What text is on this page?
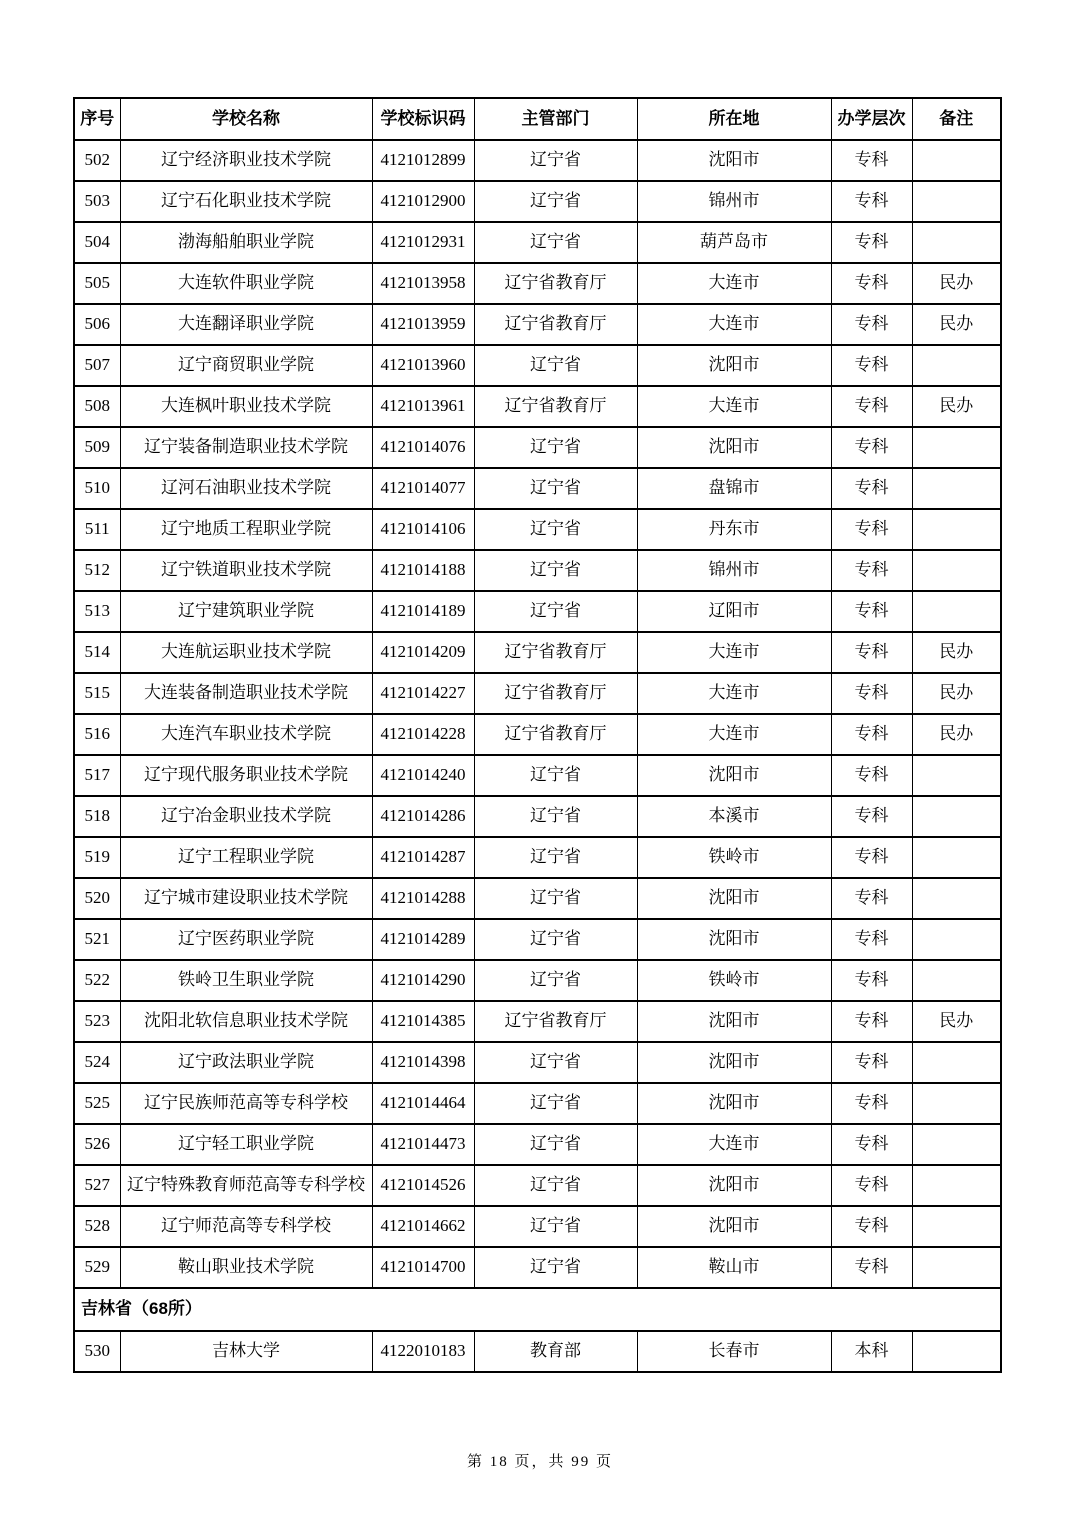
序号	学校名称	学校标识码	主管部门	所在地	办学层次	备注
502	辽宁经济职业技术学院	4121012899	辽宁省	沈阳市	专科	
503	辽宁石化职业技术学院	4121012900	辽宁省	锦州市	专科	
504	渤海船舶职业学院	4121012931	辽宁省	葫芦岛市	专科	
505	大连软件职业学院	4121013958	辽宁省教育厅	大连市	专科	民办
506	大连翻译职业学院	4121013959	辽宁省教育厅	大连市	专科	民办
507	辽宁商贸职业学院	4121013960	辽宁省	沈阳市	专科	
508	大连枫叶职业技术学院	4121013961	辽宁省教育厅	大连市	专科	民办
509	辽宁装备制造职业技术学院	4121014076	辽宁省	沈阳市	专科	
510	辽河石油职业技术学院	4121014077	辽宁省	盘锦市	专科	
511	辽宁地质工程职业学院	4121014106	辽宁省	丹东市	专科	
512	辽宁铁道职业技术学院	4121014188	辽宁省	锦州市	专科	
513	辽宁建筑职业学院	4121014189	辽宁省	辽阳市	专科	
514	大连航运职业技术学院	4121014209	辽宁省教育厅	大连市	专科	民办
515	大连装备制造职业技术学院	4121014227	辽宁省教育厅	大连市	专科	民办
516	大连汽车职业技术学院	4121014228	辽宁省教育厅	大连市	专科	民办
517	辽宁现代服务职业技术学院	4121014240	辽宁省	沈阳市	专科	
518	辽宁冶金职业技术学院	4121014286	辽宁省	本溪市	专科	
519	辽宁工程职业学院	4121014287	辽宁省	铁岭市	专科	
520	辽宁城市建设职业技术学院	4121014288	辽宁省	沈阳市	专科	
521	辽宁医药职业学院	4121014289	辽宁省	沈阳市	专科	
522	铁岭卫生职业学院	4121014290	辽宁省	铁岭市	专科	
523	沈阳北软信息职业技术学院	4121014385	辽宁省教育厅	沈阳市	专科	民办
524	辽宁政法职业学院	4121014398	辽宁省	沈阳市	专科	
525	辽宁民族师范高等专科学校	4121014464	辽宁省	沈阳市	专科	
526	辽宁轻工职业学院	4121014473	辽宁省	大连市	专科	
527	辽宁特殊教育师范高等专科学校	4121014526	辽宁省	沈阳市	专科	
528	辽宁师范高等专科学校	4121014662	辽宁省	沈阳市	专科	
529	鞍山职业技术学院	4121014700	辽宁省	鞍山市	专科	
吉林省（68所）						
530	吉林大学	4122010183	教育部	长春市	本科	
第 18 页，共 99 页
